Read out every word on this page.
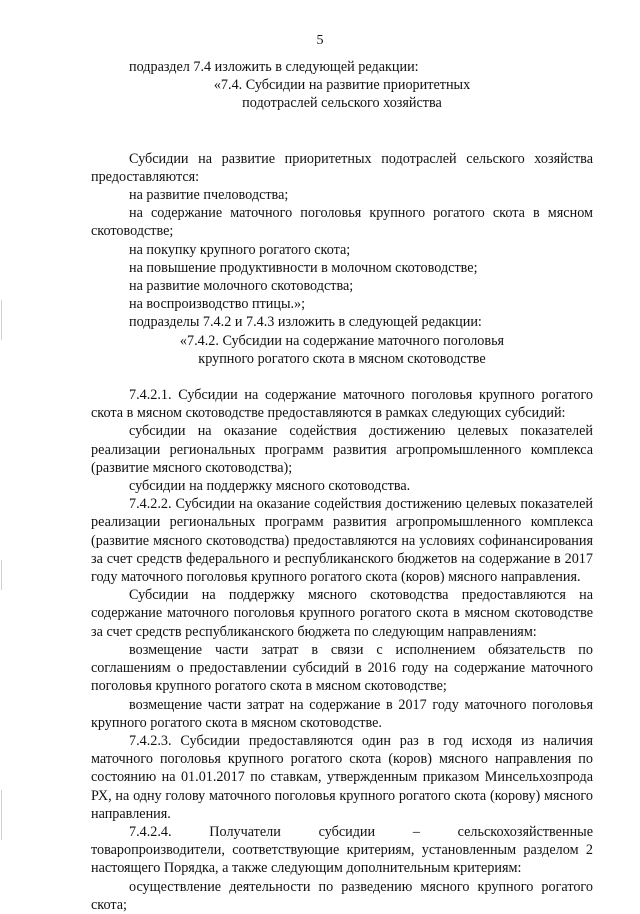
5

подраздел 7.4 изложить в следующей редакции:

«7.4. Субсидии на развитие приоритетных

подотраслей сельского хозяйства

Субсидии на развитие приоритетных подотраслей сельского хозяйства предоставляются:

на развитие пчеловодства;

на содержание маточного поголовья крупного рогатого скота в мясном скотоводстве;

на покупку крупного рогатого скота;

на повышение продуктивности в молочном скотоводстве;

на развитие молочного скотоводства;

на воспроизводство птицы.»;

подразделы 7.4.2 и 7.4.3 изложить в следующей редакции:

«7.4.2. Субсидии на содержание маточного поголовья

крупного рогатого скота в мясном скотоводстве

7.4.2.1. Субсидии на содержание маточного поголовья крупного рогатого скота в мясном скотоводстве предоставляются в рамках следующих субсидий:

субсидии на оказание содействия достижению целевых показателей реализации региональных программ развития агропромышленного комплекса (развитие мясного скотоводства);

субсидии на поддержку мясного скотоводства.

7.4.2.2. Субсидии на оказание содействия достижению целевых показателей реализации региональных программ развития агропромышленного комплекса (развитие мясного скотоводства) предоставляются на условиях софинансирования за счет средств федерального и республиканского бюджетов на содержание в 2017 году маточного поголовья крупного рогатого скота (коров) мясного направления.

Субсидии на поддержку мясного скотоводства предоставляются на содержание маточного поголовья крупного рогатого скота в мясном скотоводстве за счет средств республиканского бюджета по следующим направлениям:

возмещение части затрат в связи с исполнением обязательств по соглашениям о предоставлении субсидий в 2016 году на содержание маточного поголовья крупного рогатого скота в мясном скотоводстве;

возмещение части затрат на содержание в 2017 году маточного поголовья крупного рогатого скота в мясном скотоводстве.

7.4.2.3. Субсидии предоставляются один раз в год исходя из наличия маточного поголовья крупного рогатого скота (коров) мясного направления по состоянию на 01.01.2017 по ставкам, утвержденным приказом Минсельхозпрода РХ, на одну голову маточного поголовья крупного рогатого скота (корову) мясного направления.

7.4.2.4. Получатели субсидии – сельскохозяйственные товаропроизводители, соответствующие критериям, установленным разделом 2 настоящего Порядка, а также следующим дополнительным критериям:

осуществление деятельности по разведению мясного крупного рогатого скота;
